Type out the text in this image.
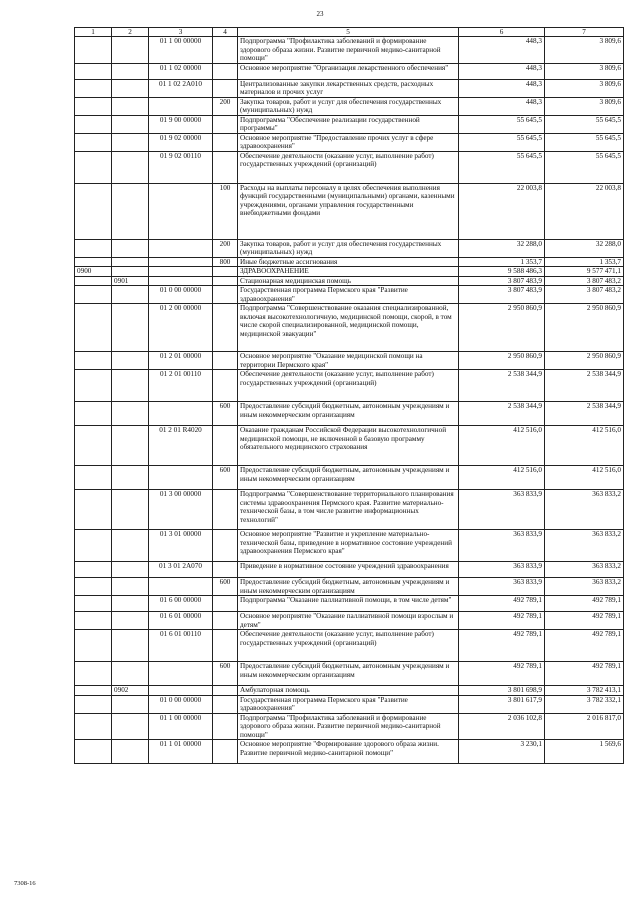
23
1	2	3	4	5	6	7
		01 1 00 00000		Подпрограмма "Профилактика заболеваний и формирование здорового образа жизни. Развитие первичной медико-санитарной помощи"	448,3	3 809,6
		01 1 02 00000		Основное мероприятие "Организация лекарственного обеспечения"	448,3	3 809,6
		01 1 02 2А010		Централизованные закупки лекарственных средств, расходных материалов и прочих услуг	448,3	3 809,6
			200	Закупка товаров, работ и услуг для обеспечения государственных (муниципальных) нужд	448,3	3 809,6
		01 9 00 00000		Подпрограмма "Обеспечение реализации государственной программы"	55 645,5	55 645,5
		01 9 02 00000		Основное мероприятие "Предоставление прочих услуг в сфере здравоохранения"	55 645,5	55 645,5
		01 9 02 00110		Обеспечение деятельности (оказание услуг, выполнение работ) государственных учреждений (организаций)	55 645,5	55 645,5
			100	Расходы на выплаты персоналу в целях обеспечения выполнения функций государственными (муниципальными) органами, казенными учреждениями, органами управления государственными внебюджетными фондами	22 003,8	22 003,8
			200	Закупка товаров, работ и услуг для обеспечения государственных (муниципальных) нужд	32 288,0	32 288,0
			800	Иные бюджетные ассигнования	1 353,7	1 353,7
0900				ЗДРАВООХРАНЕНИЕ	9 588 486,3	9 577 471,1
	0901			Стационарная медицинская помощь	3 807 483,9	3 807 483,2
		01 0 00 00000		Государственная программа Пермского края "Развитие здравоохранения"	3 807 483,9	3 807 483,2
		01 2 00 00000		Подпрограмма "Совершенствование оказания специализированной, включая высокотехнологичную, медицинской помощи, скорой, в том числе скорой специализированной, медицинской помощи, медицинской эвакуации"	2 950 860,9	2 950 860,9
		01 2 01 00000		Основное мероприятие "Оказание медицинской помощи на территории Пермского края"	2 950 860,9	2 950 860,9
		01 2 01 00110		Обеспечение деятельности (оказание услуг, выполнение работ) государственных учреждений (организаций)	2 538 344,9	2 538 344,9
			600	Предоставление субсидий бюджетным, автономным учреждениям и иным некоммерческим организациям	2 538 344,9	2 538 344,9
		01 2 01 R4020		Оказание гражданам Российской Федерации высокотехнологичной медицинской помощи, не включенной в базовую программу обязательного медицинского страхования	412 516,0	412 516,0
			600	Предоставление субсидий бюджетным, автономным учреждениям и иным некоммерческим организациям	412 516,0	412 516,0
		01 3 00 00000		Подпрограмма "Совершенствование территориального планирования системы здравоохранения Пермского края. Развитие материально-технической базы, в том числе развитие информационных технологий"	363 833,9	363 833,2
		01 3 01 00000		Основное мероприятие "Развитие и укрепление материально-технической базы, приведение в нормативное состояние учреждений здравоохранения Пермского края"	363 833,9	363 833,2
		01 3 01 2А070		Приведение в нормативное состояние учреждений здравоохранения	363 833,9	363 833,2
			600	Предоставление субсидий бюджетным, автономным учреждениям и иным некоммерческим организациям	363 833,9	363 833,2
		01 6 00 00000		Подпрограмма "Оказание паллиативной помощи, в том числе детям"	492 789,1	492 789,1
		01 6 01 00000		Основное мероприятие "Оказание паллиативной помощи взрослым и детям"	492 789,1	492 789,1
		01 6 01 00110		Обеспечение деятельности (оказание услуг, выполнение работ) государственных учреждений (организаций)	492 789,1	492 789,1
			600	Предоставление субсидий бюджетным, автономным учреждениям и иным некоммерческим организациям	492 789,1	492 789,1
	0902			Амбулаторная помощь	3 801 698,9	3 782 413,1
		01 0 00 00000		Государственная программа Пермского края "Развитие здравоохранения"	3 801 617,9	3 782 332,1
		01 1 00 00000		Подпрограмма "Профилактика заболеваний и формирование здорового образа жизни. Развитие первичной медико-санитарной помощи"	2 036 102,8	2 016 817,0
		01 1 01 00000		Основное мероприятие "Формирование здорового образа жизни. Развитие первичной медико-санитарной помощи"	3 230,1	1 569,6
7308-16
